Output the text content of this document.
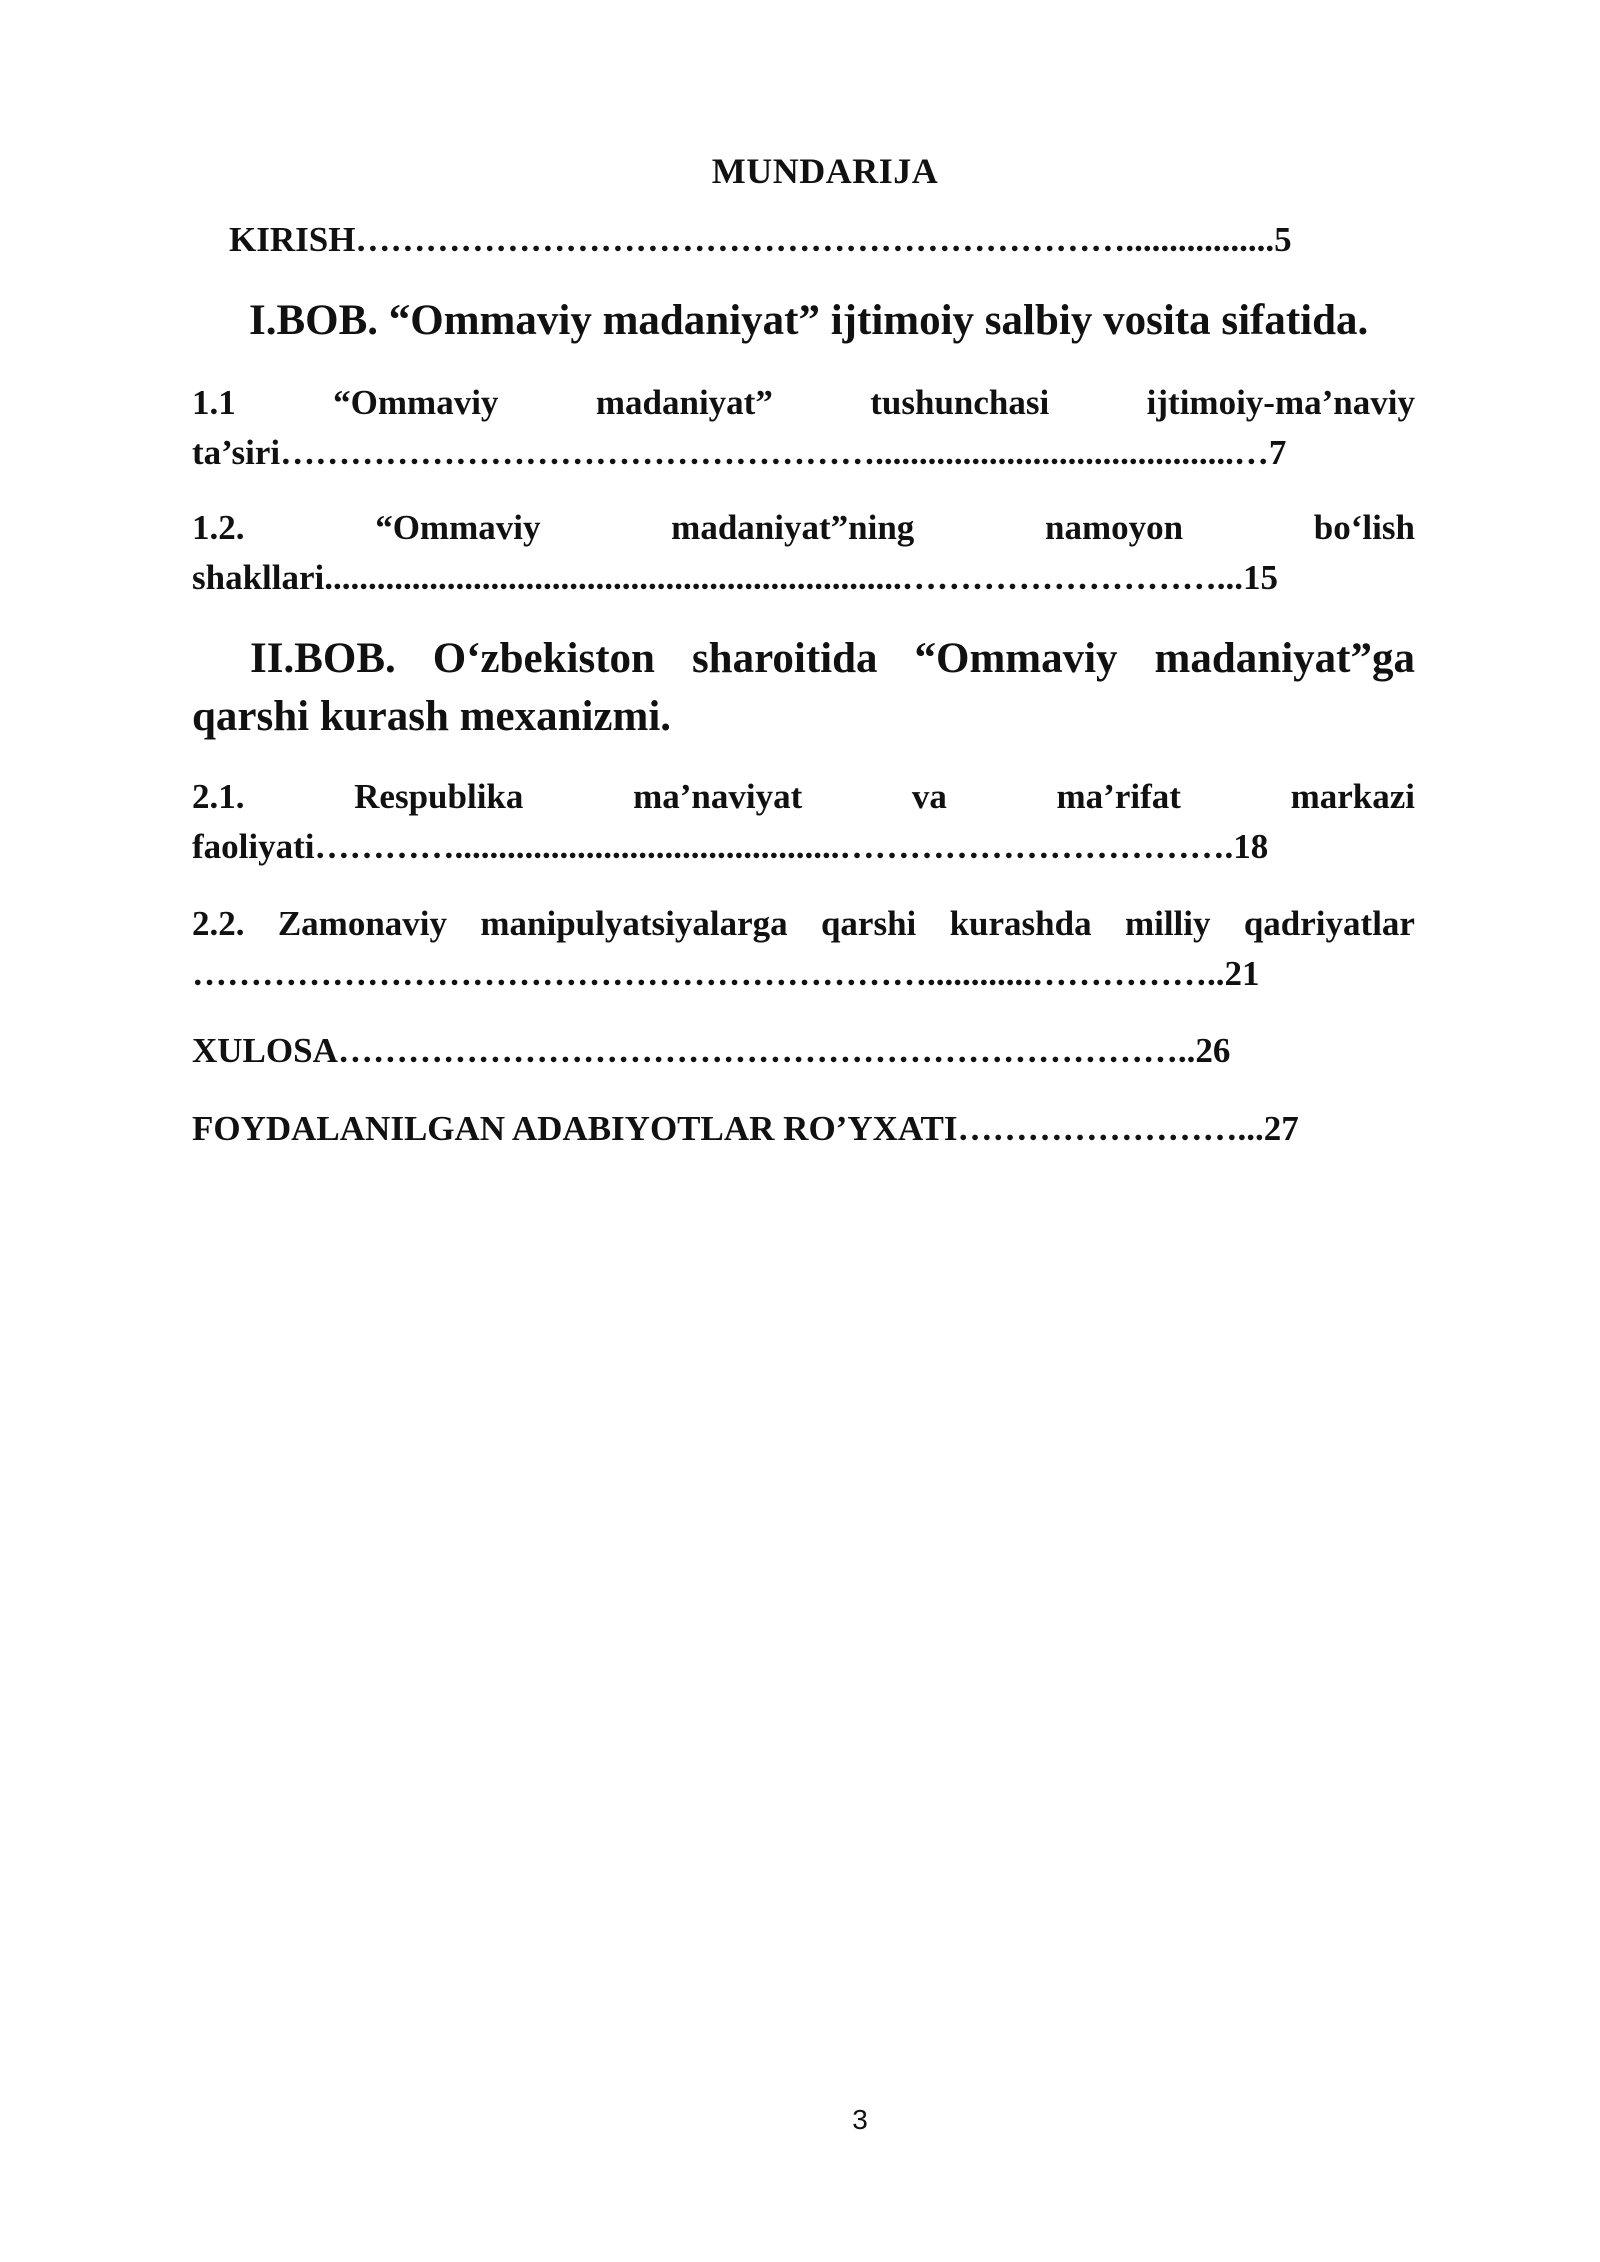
MUNDARIJA
KIRISH………………………………………………………….................5
I.BOB. “Ommaviy madaniyat” ijtimoiy salbiy vosita sifatida.
1.1	“Ommaviy	madaniyat”	tushunchasi	ijtimoiy-ma’naviy
ta’siri…………………………………………….........................................…7
1.2.	“Ommaviy	madaniyat”ning	namoyon	bo‘lish
shakllari..................................................................………………………...15
II.BOB. O‘zbekiston sharoitida “Ommaviy madaniyat”ga
qarshi kurash mexanizmi.
2.1.	Respublika	ma’naviyat	va	ma’rifat	markazi
faoliyati…………............................................…………………………….18
2.2. Zamonaviy manipulyatsiyalarga qarshi kurashda milliy qadriyatlar
………………………………………………………............……………..21
XULOSA………………………………………………………………..26
FOYDALANILGAN ADABIYOTLAR RO’YXATI……………………...27
3
